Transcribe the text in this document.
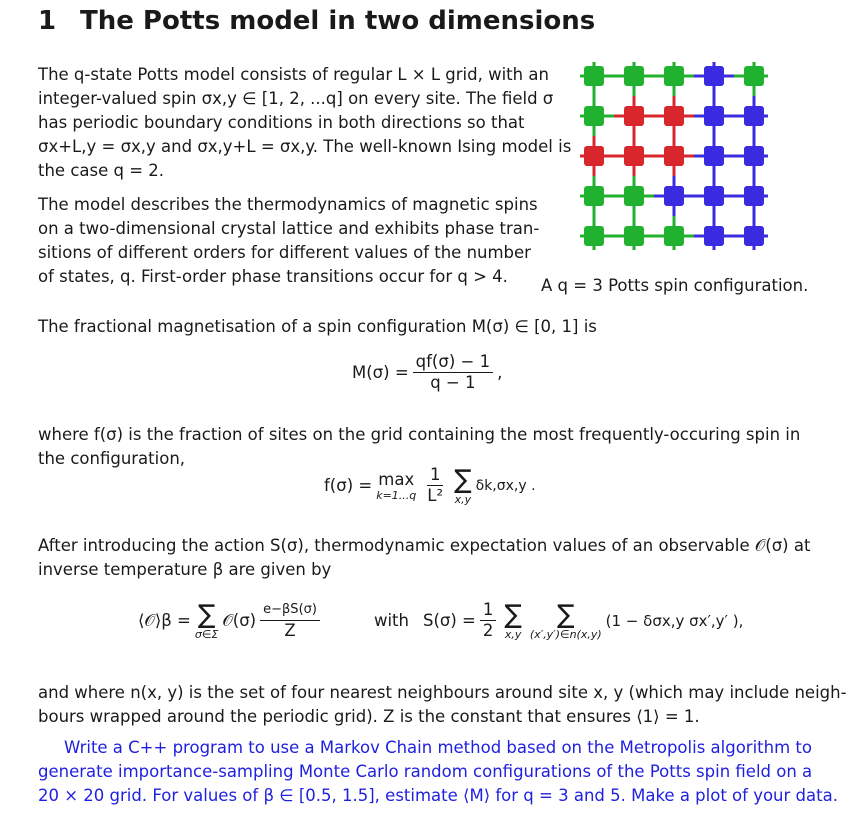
1 The Potts model in two dimensions
The q-state Potts model consists of regular L × L grid, with an
integer-valued spin σx,y ∈ [1, 2, ...q] on every site. The field σ
has periodic boundary conditions in both directions so that
σx+L,y = σx,y and σx,y+L = σx,y. The well-known Ising model is
the case q = 2.
The model describes the thermodynamics of magnetic spins
on a two-dimensional crystal lattice and exhibits phase tran-
sitions of different orders for different values of the number
of states, q. First-order phase transitions occur for q > 4.	A q = 3 Potts spin configuration.
The fractional magnetisation of a spin configuration M(σ) ∈ [0, 1] is
$M(\sigma) = \frac{qf(\sigma) - 1}{q - 1}$ ,
where f(σ) is the fraction of sites on the grid containing the most frequently-occuring spin in
the configuration,
f(σ) = max
$k=1...q \frac{1}{\text{L²}}$ ∑
x,y
δk,σx,y .
After introducing the action S(σ), thermodynamic expectation values of an observable 𝒪(σ) at
inverse temperature β are given by
⟨𝒪⟩β = ∑
σ∈Σ
𝒪(σ) $\frac{e-\beta S(\sigma)}{Z}$	with $S(\sigma) = \frac{1}{2}$ ∑
x,y
∑
(x′,y′)∈n(x,y)
(1 − δσx,y σx′,y′ ),
and where n(x, y) is the set of four nearest neighbours around site x, y (which may include neigh-
bours wrapped around the periodic grid). Z is the constant that ensures ⟨1⟩ = 1.
Write a C++ program to use a Markov Chain method based on the Metropolis algorithm to
generate importance-sampling Monte Carlo random configurations of the Potts spin field on a
20 × 20 grid. For values of β ∈ [0.5, 1.5], estimate ⟨M⟩ for q = 3 and 5. Make a plot of your data.
